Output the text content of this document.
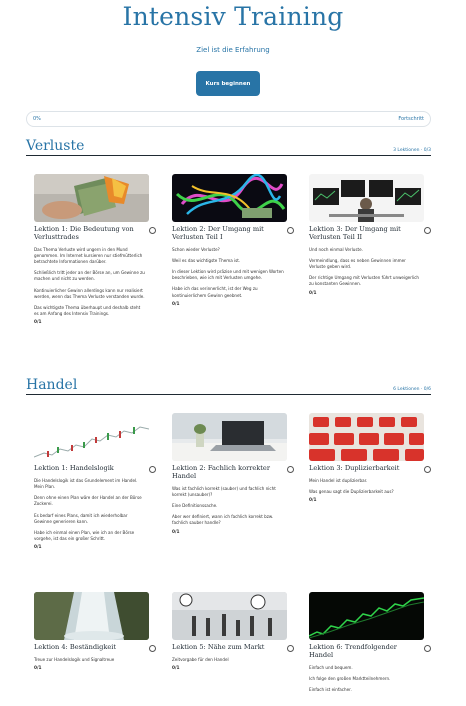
Intensiv Training
Ziel ist die Erfahrung
Kurs beginnen
0%	Fortschritt
Verluste	3 Lektionen · 0/3
Lektion 1: Die Bedeutung von Verlusttrades
Das Thema Verluste wird ungern in den Mund genommen. Im Internet kursieren nur stiefmütterlich betrachtete Informationen darüber.
Schließlich tritt jeder an der Börse an, um Gewinne zu machen und nicht zu werden.
Kontinuierlicher Gewinn allerdings kann nur realisiert werden, wenn das Thema Verluste verstanden wurde.
Das wichtigste Thema überhaupt und deshalb steht es am Anfang des Intensiv Trainings.
0/1
Lektion 2: Der Umgang mit Verlusten Teil I
Schon wieder Verluste?
Weil es das wichtigste Thema ist.
In dieser Lektion wird präzise und mit wenigen Worten beschrieben, wie ich mit Verlusten umgehe.
Habe ich das verinnerlicht, ist der Weg zu kontinuierlichem Gewinn geebnet.
0/1
Lektion 3: Der Umgang mit Verlusten Teil II
Und noch einmal Verluste.
Vermeindlung, dass es neben Gewinnen immer Verluste geben wird.
Der richtige Umgang mit Verlusten führt unweigerlich zu konstanten Gewinnen.
0/1
Handel	6 Lektionen · 0/6
Lektion 1: Handelslogik
Die Handelslogik ist das Grundelement im Handel. Mein Plan.
Denn ohne einen Plan wäre der Handel an der Börse Zockerei.
Es bedarf eines Plans, damit ich wiederholbar Gewinne generieren kann.
Habe ich einmal einen Plan, wie ich an der Börse vorgehe, ist das ein großer Schritt.
0/1
Lektion 2: Fachlich korrekter Handel
Was ist fachlich korrekt (sauber) und fachlich nicht korrekt (unsauber)?
Eine Definitionssache.
Aber wer definiert, wann ich fachlich korrekt bzw. fachlich sauber handle?
0/1
Lektion 3: Duplizierbarkeit
Mein Handel ist duplizierbar.
Was genau sagt die Duplizierbarkeit aus?
0/1
Lektion 4: Beständigkeit
Treue zur Handelslogik und Signaltreue
0/1
Lektion 5: Nähe zum Markt
Zeitvorgabe für den Handel
0/1
Lektion 6: Trendfolgender Handel
Einfach und bequem.
Ich folge den großen Marktteilnehmern.
Einfach ist einfacher.
